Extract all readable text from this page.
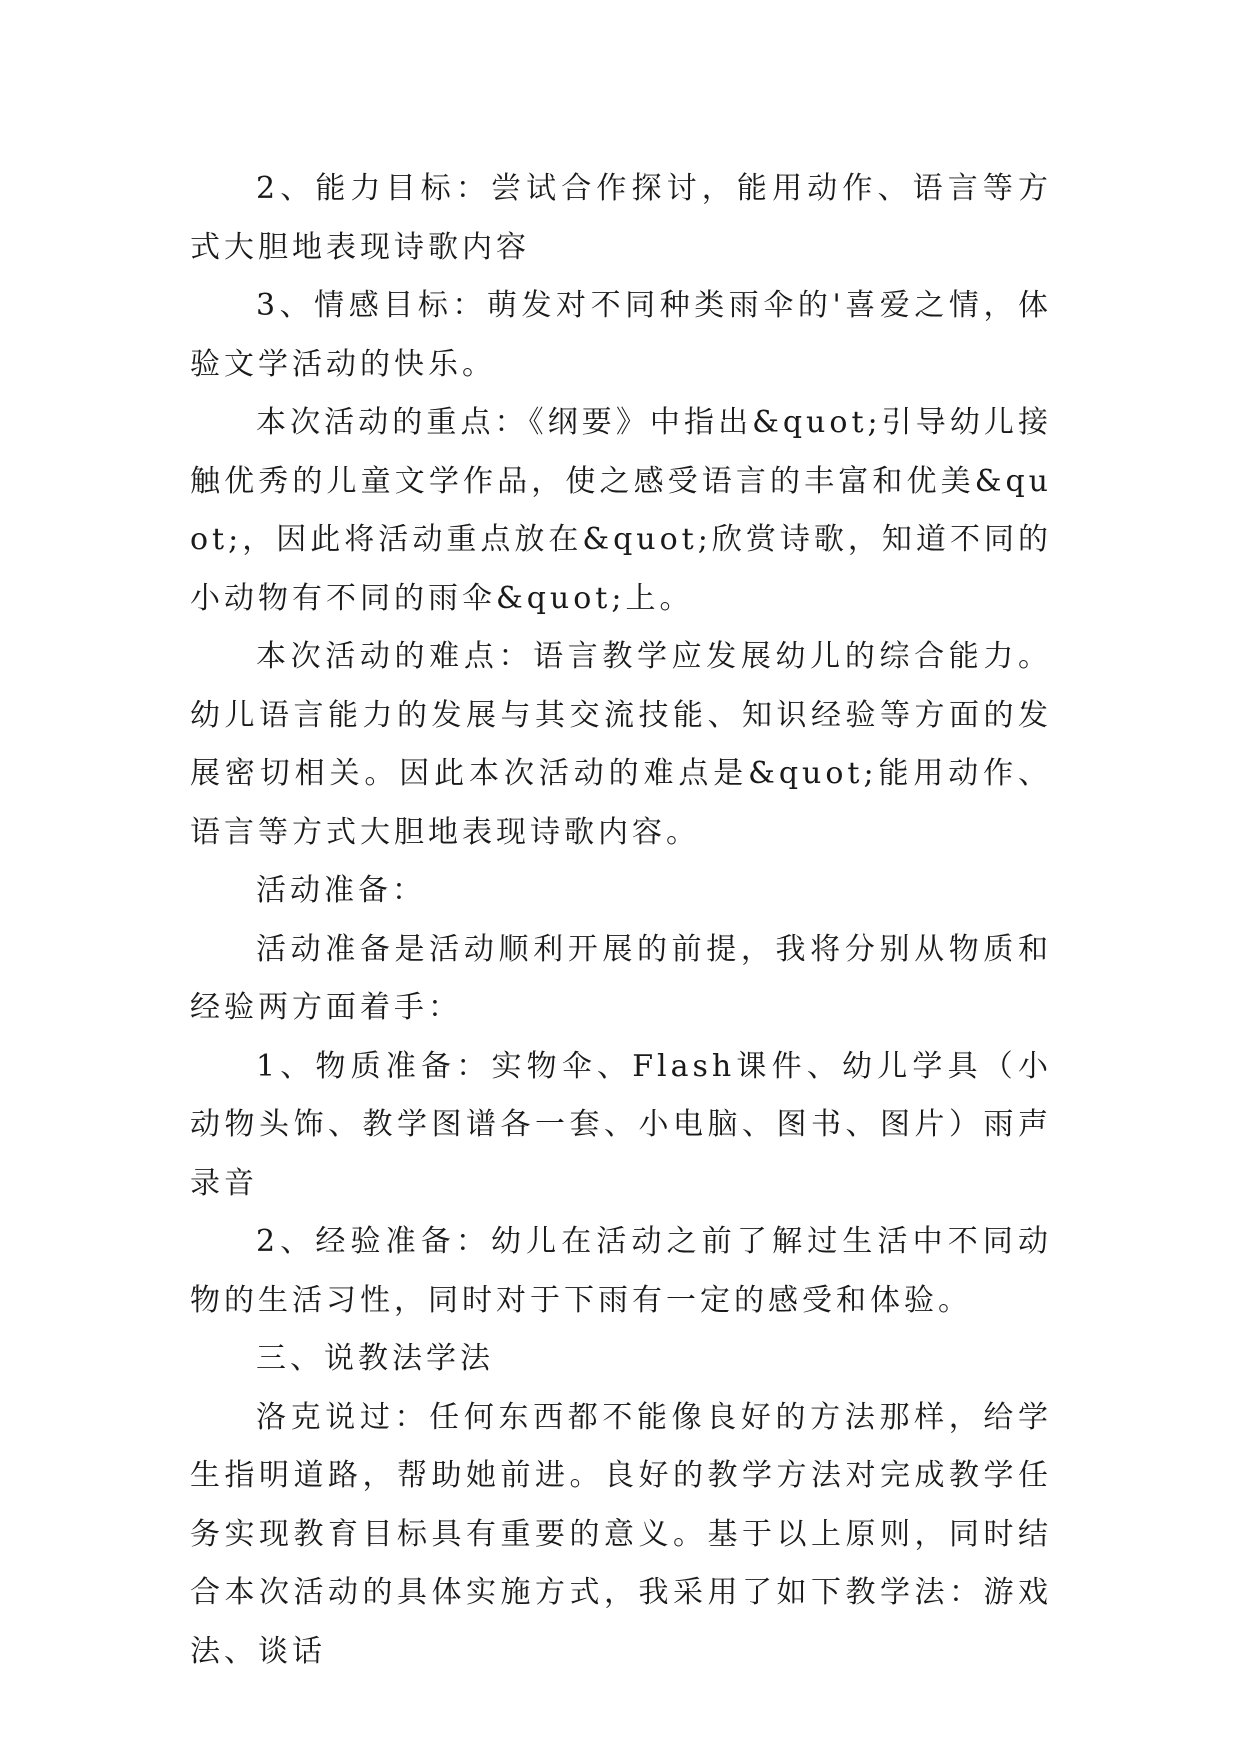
2、能力目标：尝试合作探讨，能用动作、语言等方式大胆地表现诗歌内容

3、情感目标：萌发对不同种类雨伞的'喜爱之情，体验文学活动的快乐。

本次活动的重点：《纲要》中指出&quot;引导幼儿接触优秀的儿童文学作品，使之感受语言的丰富和优美&quot;，因此将活动重点放在&quot;欣赏诗歌，知道不同的小动物有不同的雨伞&quot;上。

本次活动的难点：语言教学应发展幼儿的综合能力。幼儿语言能力的发展与其交流技能、知识经验等方面的发展密切相关。因此本次活动的难点是&quot;能用动作、语言等方式大胆地表现诗歌内容。

活动准备：

活动准备是活动顺利开展的前提，我将分别从物质和经验两方面着手：

1、物质准备：实物伞、Flash课件、幼儿学具（小动物头饰、教学图谱各一套、小电脑、图书、图片）雨声录音

2、经验准备：幼儿在活动之前了解过生活中不同动物的生活习性，同时对于下雨有一定的感受和体验。

三、说教法学法

洛克说过：任何东西都不能像良好的方法那样，给学生指明道路，帮助她前进。良好的教学方法对完成教学任务实现教育目标具有重要的意义。基于以上原则，同时结合本次活动的具体实施方式，我采用了如下教学法：游戏法、谈话
